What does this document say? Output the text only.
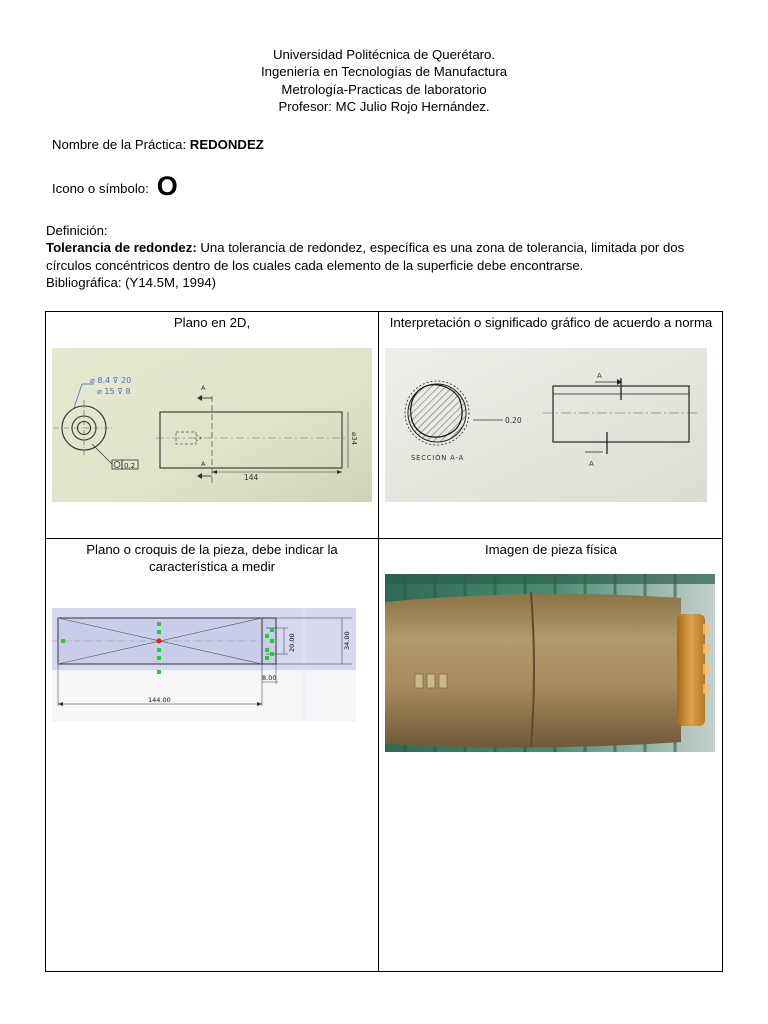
Universidad Politécnica de Querétaro.
Ingeniería en Tecnologías de Manufactura
Metrología-Practicas de laboratorio
Profesor: MC Julio Rojo Hernández.
Nombre de la Práctica: REDONDEZ
Icono o símbolo: O
Definición:
Tolerancia de redondez: Una tolerancia de redondez, específica es una zona de tolerancia, limitada por dos círculos concéntricos dentro de los cuales cada elemento de la superficie debe encontrarse.
Bibliográfica: (Y14.5M, 1994)
Plano en 2D,	Interpretación o significado gráfico de acuerdo a norma
Plano o croquis de la pieza, debe indicar la característica a medir
Imagen de pieza física
⌀ 8.4 ⊽ 20
⌀ 15 ⊽ 8
0.2
A
A
144
⌀34
0.20
SECCIÓN A-A
A
A
20.00	34.00
8.00
144.00
